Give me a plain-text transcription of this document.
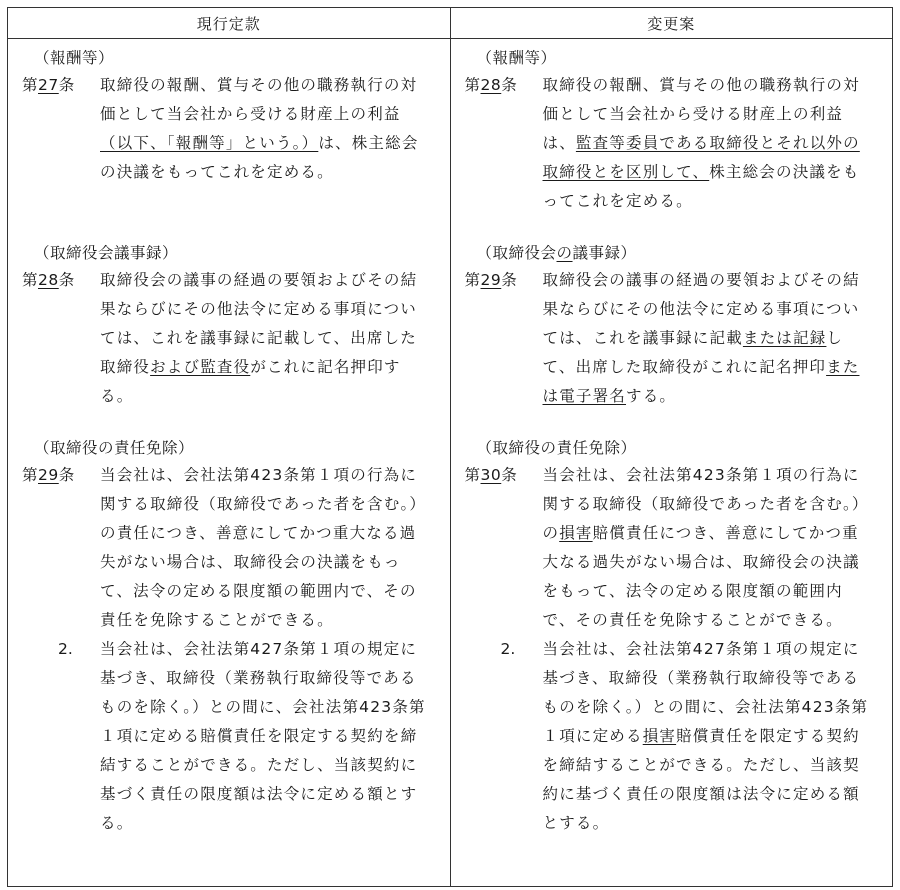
現行定款	変更案
（報酬等）
第27条 取締役の報酬、賞与その他の職務執行の対価として当会社から受ける財産上の利益（以下、「報酬等」という。）は、株主総会の決議をもってこれを定める。
（取締役会議事録）
第28条 取締役会の議事の経過の要領およびその結果ならびにその他法令に定める事項については、これを議事録に記載して、出席した取締役および監査役がこれに記名押印する。
（取締役の責任免除）
第29条 当会社は、会社法第423条第１項の行為に関する取締役（取締役であった者を含む。）の責任につき、善意にしてかつ重大なる過失がない場合は、取締役会の決議をもって、法令の定める限度額の範囲内で、その責任を免除することができる。
2. 当会社は、会社法第427条第１項の規定に基づき、取締役（業務執行取締役等であるものを除く。）との間に、会社法第423条第１項に定める賠償責任を限定する契約を締結することができる。ただし、当該契約に基づく責任の限度額は法令に定める額とする。
（報酬等）
第28条 取締役の報酬、賞与その他の職務執行の対価として当会社から受ける財産上の利益は、監査等委員である取締役とそれ以外の取締役とを区別して、株主総会の決議をもってこれを定める。
（取締役会の議事録）
第29条 取締役会の議事の経過の要領およびその結果ならびにその他法令に定める事項については、これを議事録に記載または記録して、出席した取締役がこれに記名押印または電子署名する。
（取締役の責任免除）
第30条 当会社は、会社法第423条第１項の行為に関する取締役（取締役であった者を含む。）の損害賠償責任につき、善意にしてかつ重大なる過失がない場合は、取締役会の決議をもって、法令の定める限度額の範囲内で、その責任を免除することができる。
2. 当会社は、会社法第427条第１項の規定に基づき、取締役（業務執行取締役等であるものを除く。）との間に、会社法第423条第１項に定める損害賠償責任を限定する契約を締結することができる。ただし、当該契約に基づく責任の限度額は法令に定める額とする。
